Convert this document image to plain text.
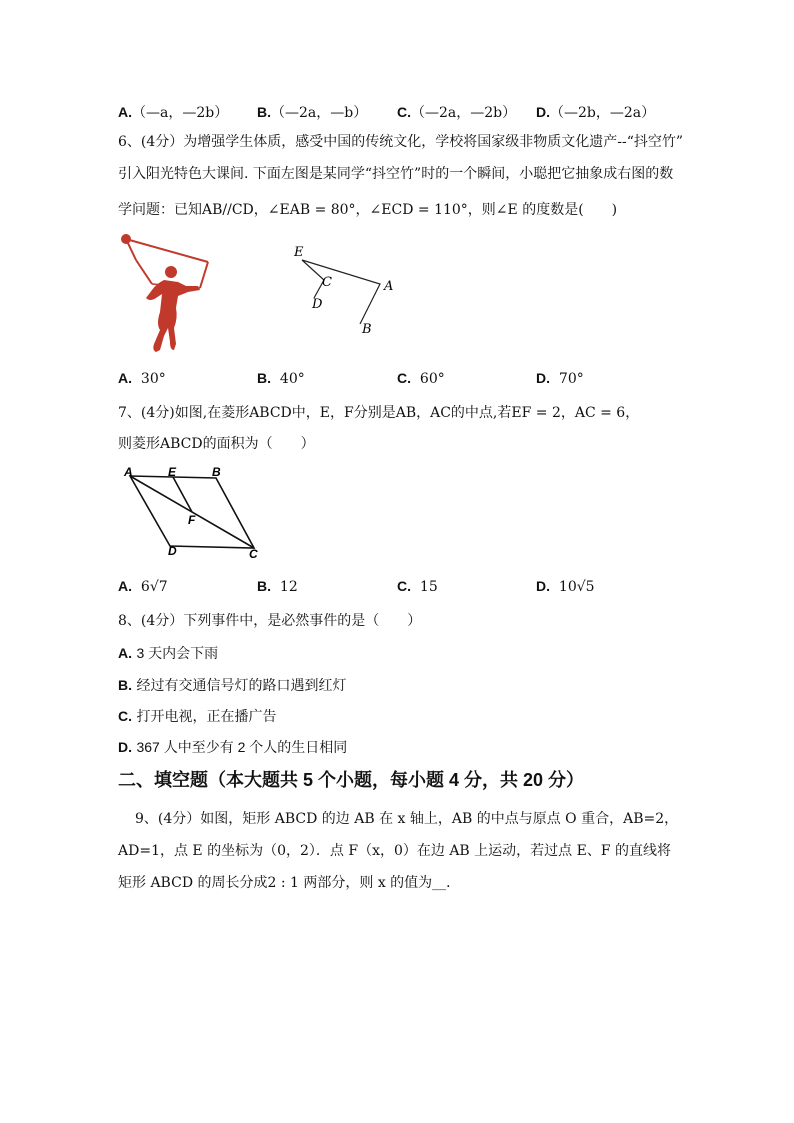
A.（—a，—2b） B.（—2a，—b） C.（—2a，—2b） D.（—2b，—2a）
6、(4分）为增强学生体质，感受中国的传统文化，学校将国家级非物质文化遗产--“抖空竹”
引入阳光特色大课间. 下面左图是某同学“抖空竹”时的一个瞬间，小聪把它抽象成右图的数
学问题：已知AB//CD，∠EAB = 80°，∠ECD = 110°，则∠E 的度数是(　　)
E
C	A
D
B
A. 30°	B. 40°	C. 60°	D. 70°
7、(4分)如图,在菱形ABCD中，E，F分别是AB，AC的中点,若EF = 2，AC = 6，
则菱形ABCD的面积为（　　）
A	E	B
F
D	C
A. 6√7	B. 12	C. 15	D. 10√5
8、(4分）下列事件中，是必然事件的是（　　）
A. 3 天内会下雨
B. 经过有交通信号灯的路口遇到红灯
C. 打开电视，正在播广告
D. 367 人中至少有 2 个人的生日相同
二、填空题（本大题共 5 个小题，每小题 4 分，共 20 分）
9、(4分）如图，矩形 ABCD 的边 AB 在 x 轴上，AB 的中点与原点 O 重合，AB=2，
AD=1，点 E 的坐标为（0，2）．点 F（x，0）在边 AB 上运动，若过点 E、F 的直线将
矩形 ABCD 的周长分成2 : 1 两部分，则 x 的值为__．
